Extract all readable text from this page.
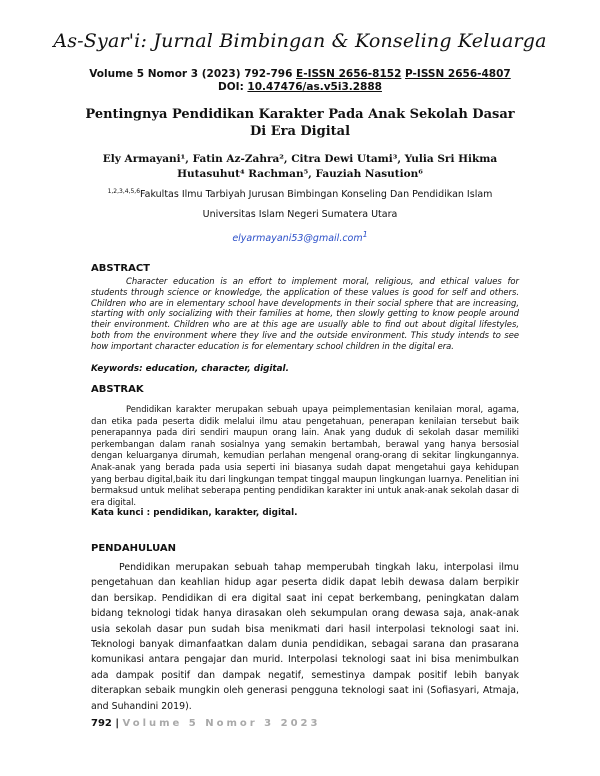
As-Syar'i: Jurnal Bimbingan & Konseling Keluarga
Volume 5 Nomor 3 (2023) 792-796 E-ISSN 2656-8152 P-ISSN 2656-4807
DOI: 10.47476/as.v5i3.2888
Pentingnya Pendidikan Karakter Pada Anak Sekolah Dasar Di Era Digital
Ely Armayani¹, Fatin Az-Zahra², Citra Dewi Utami³, Yulia Sri Hikma Hutasuhut⁴ Rachman⁵, Fauziah Nasution⁶
$^{1,2,3,4,5,6}$Fakultas Ilmu Tarbiyah Jurusan Bimbingan Konseling Dan Pendidikan Islam
Universitas Islam Negeri Sumatera Utara
elyarmayani53@gmail.com$^1$
ABSTRACT

Character education is an effort to implement moral, religious, and ethical values for students through science or knowledge, the application of these values is good for self and others. Children who are in elementary school have developments in their social sphere that are increasing, starting with only socializing with their families at home, then slowly getting to know people around their environment. Children who are at this age are usually able to find out about digital lifestyles, both from the environment where they live and the outside environment. This study intends to see how important character education is for elementary school children in the digital era.

Keywords: education, character, digital.
ABSTRAK

Pendidikan karakter merupakan sebuah upaya peimplementasian kenilaian moral, agama, dan etika pada peserta didik melalui ilmu atau pengetahuan, penerapan kenilaian tersebut baik penerapannya pada diri sendiri maupun orang lain. Anak yang duduk di sekolah dasar memiliki perkembangan dalam ranah sosialnya yang semakin bertambah, berawal yang hanya bersosial dengan keluarganya dirumah, kemudian perlahan mengenal orang-orang di sekitar lingkungannya. Anak-anak yang berada pada usia seperti ini biasanya sudah dapat mengetahui gaya kehidupan yang berbau digital,baik itu dari lingkungan tempat tinggal maupun lingkungan luarnya. Penelitian ini bermaksud untuk melihat seberapa penting pendidikan karakter ini untuk anak-anak sekolah dasar di era digital.

Kata kunci : pendidikan, karakter, digital.
PENDAHULUAN

Pendidikan merupakan sebuah tahap memperubah tingkah laku, interpolasi ilmu pengetahuan dan keahlian hidup agar peserta didik dapat lebih dewasa dalam berpikir dan bersikap. Pendidikan di era digital saat ini cepat berkembang, peningkatan dalam bidang teknologi tidak hanya dirasakan oleh sekumpulan orang dewasa saja, anak-anak usia sekolah dasar pun sudah bisa menikmati dari hasil interpolasi teknologi saat ini. Teknologi banyak dimanfaatkan dalam dunia pendidikan, sebagai sarana dan prasarana komunikasi antara pengajar dan murid. Interpolasi teknologi saat ini bisa menimbulkan ada dampak positif dan dampak negatif, semestinya dampak positif lebih banyak diterapkan sebaik mungkin oleh generasi pengguna teknologi saat ini (Sofiasyari, Atmaja, and Suhandini 2019).

792 | Volume 5 Nomor 3 2023
